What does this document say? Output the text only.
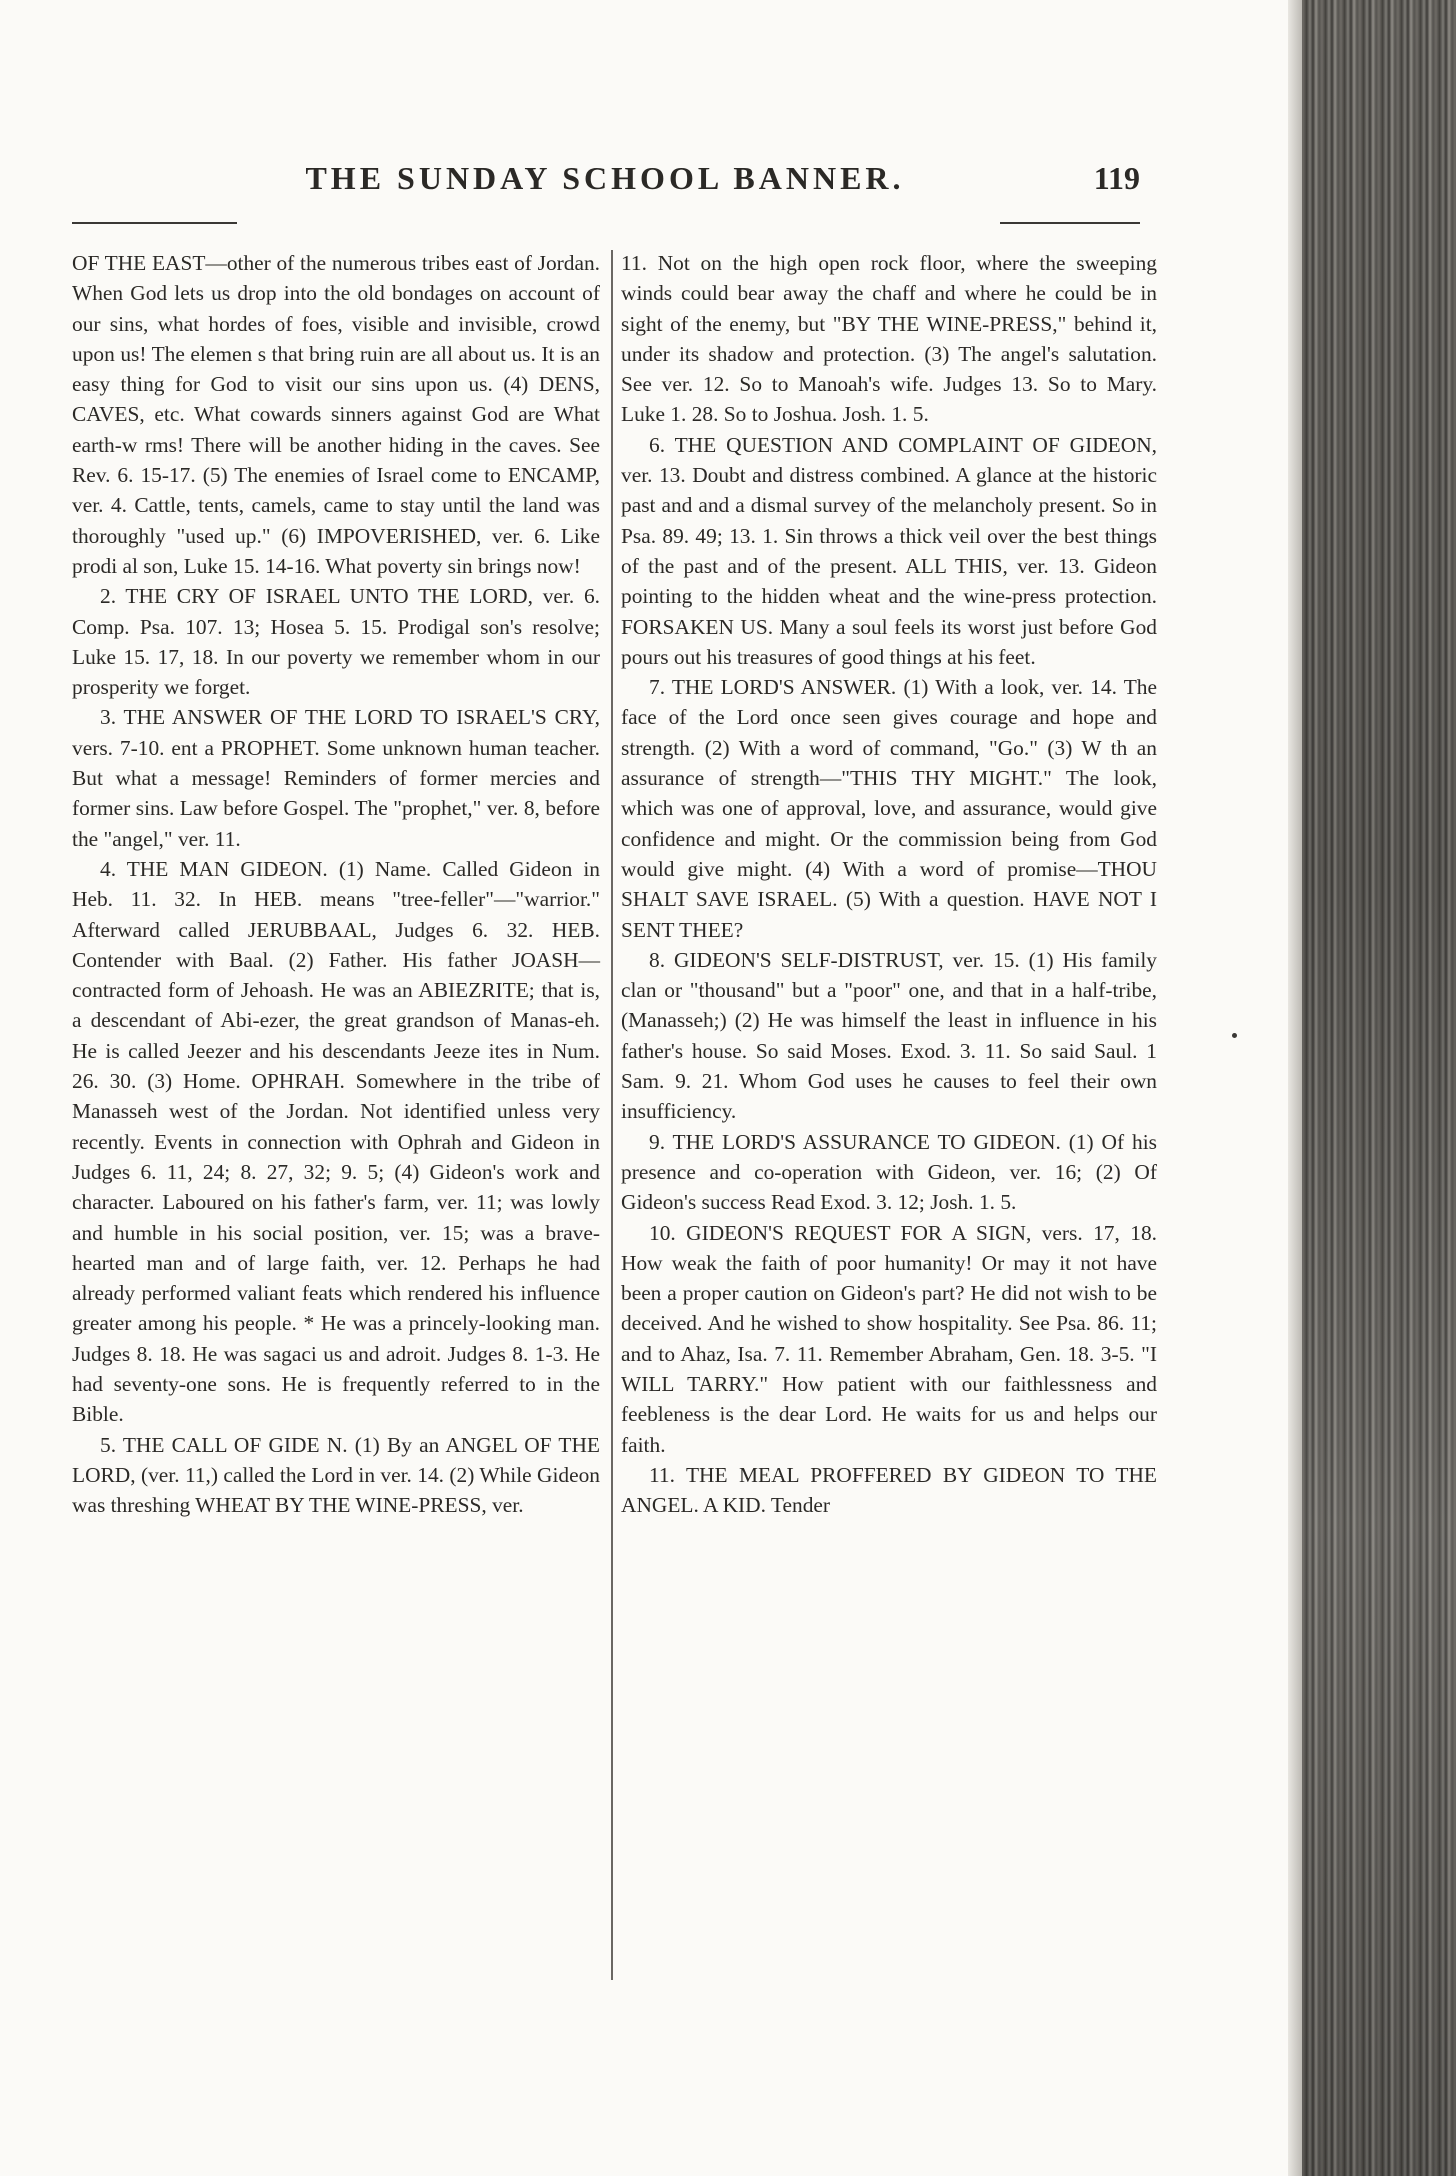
THE SUNDAY SCHOOL BANNER.	119

OF THE EAST—other of the numerous tribes east of Jordan. When God lets us drop into the old bondages on account of our sins, what hordes of foes, visible and invisible, crowd upon us! The elemen s that bring ruin are all about us. It is an easy thing for God to visit our sins upon us. (4) DENS, CAVES, etc. What cowards sinners against God are What earth-w rms! There will be another hiding in the caves. See Rev. 6. 15-17. (5) The enemies of Israel come to ENCAMP, ver. 4. Cattle, tents, camels, came to stay until the land was thoroughly "used up." (6) IMPOVERISHED, ver. 6. Like prodi al son, Luke 15. 14-16. What poverty sin brings now!

2. THE CRY OF ISRAEL UNTO THE LORD, ver. 6. Comp. Psa. 107. 13; Hosea 5. 15. Prodigal son's resolve; Luke 15. 17, 18. In our poverty we remember whom in our prosperity we forget.

3. THE ANSWER OF THE LORD TO ISRAEL'S CRY, vers. 7-10. ent a PROPHET. Some unknown human teacher. But what a message! Reminders of former mercies and former sins. Law before Gospel. The "prophet," ver. 8, before the "angel," ver. 11.

4. THE MAN GIDEON. (1) Name. Called Gideon in Heb. 11. 32. In HEB. means "tree-feller"—"warrior." Afterward called JERUBBAAL, Judges 6. 32. HEB. Contender with Baal. (2) Father. His father JOASH—contracted form of Jehoash. He was an ABIEZRITE; that is, a descendant of Abi-ezer, the great grandson of Manas-eh. He is called Jeezer and his descendants Jeeze ites in Num. 26. 30. (3) Home. OPHRAH. Somewhere in the tribe of Manasseh west of the Jordan. Not identified unless very recently. Events in connection with Ophrah and Gideon in Judges 6. 11, 24; 8. 27, 32; 9. 5; (4) Gideon's work and character. Laboured on his father's farm, ver. 11; was lowly and humble in his social position, ver. 15; was a brave-hearted man and of large faith, ver. 12. Perhaps he had already performed valiant feats which rendered his influence greater among his people. * He was a princely-looking man. Judges 8. 18. He was sagaci us and adroit. Judges 8. 1-3. He had seventy-one sons. He is frequently referred to in the Bible.

5. THE CALL OF GIDE N. (1) By an ANGEL OF THE LORD, (ver. 11,) called the Lord in ver. 14. (2) While Gideon was threshing WHEAT BY THE WINE-PRESS, ver.

11. Not on the high open rock floor, where the sweeping winds could bear away the chaff and where he could be in sight of the enemy, but "BY THE WINE-PRESS," behind it, under its shadow and protection. (3) The angel's salutation. See ver. 12. So to Manoah's wife. Judges 13. So to Mary. Luke 1. 28. So to Joshua. Josh. 1. 5.

6. THE QUESTION AND COMPLAINT OF GIDEON, ver. 13. Doubt and distress combined. A glance at the historic past and and a dismal survey of the melancholy present. So in Psa. 89. 49; 13. 1. Sin throws a thick veil over the best things of the past and of the present. ALL THIS, ver. 13. Gideon pointing to the hidden wheat and the wine-press protection. FORSAKEN US. Many a soul feels its worst just before God pours out his treasures of good things at his feet.

7. THE LORD'S ANSWER. (1) With a look, ver. 14. The face of the Lord once seen gives courage and hope and strength. (2) With a word of command, "Go." (3) W th an assurance of strength—"THIS THY MIGHT." The look, which was one of approval, love, and assurance, would give confidence and might. Or the commission being from God would give might. (4) With a word of promise—THOU SHALT SAVE ISRAEL. (5) With a question. HAVE NOT I SENT THEE?

8. GIDEON'S SELF-DISTRUST, ver. 15. (1) His family clan or "thousand" but a "poor" one, and that in a half-tribe, (Manasseh;) (2) He was himself the least in influence in his father's house. So said Moses. Exod. 3. 11. So said Saul. 1 Sam. 9. 21. Whom God uses he causes to feel their own insufficiency.

9. THE LORD'S ASSURANCE TO GIDEON. (1) Of his presence and co-operation with Gideon, ver. 16; (2) Of Gideon's success Read Exod. 3. 12; Josh. 1. 5.

10. GIDEON'S REQUEST FOR A SIGN, vers. 17, 18. How weak the faith of poor humanity! Or may it not have been a proper caution on Gideon's part? He did not wish to be deceived. And he wished to show hospitality. See Psa. 86. 11; and to Ahaz, Isa. 7. 11. Remember Abraham, Gen. 18. 3-5. "I WILL TARRY." How patient with our faithlessness and feebleness is the dear Lord. He waits for us and helps our faith.

11. THE MEAL PROFFERED BY GIDEON TO THE ANGEL. A KID. Tender
